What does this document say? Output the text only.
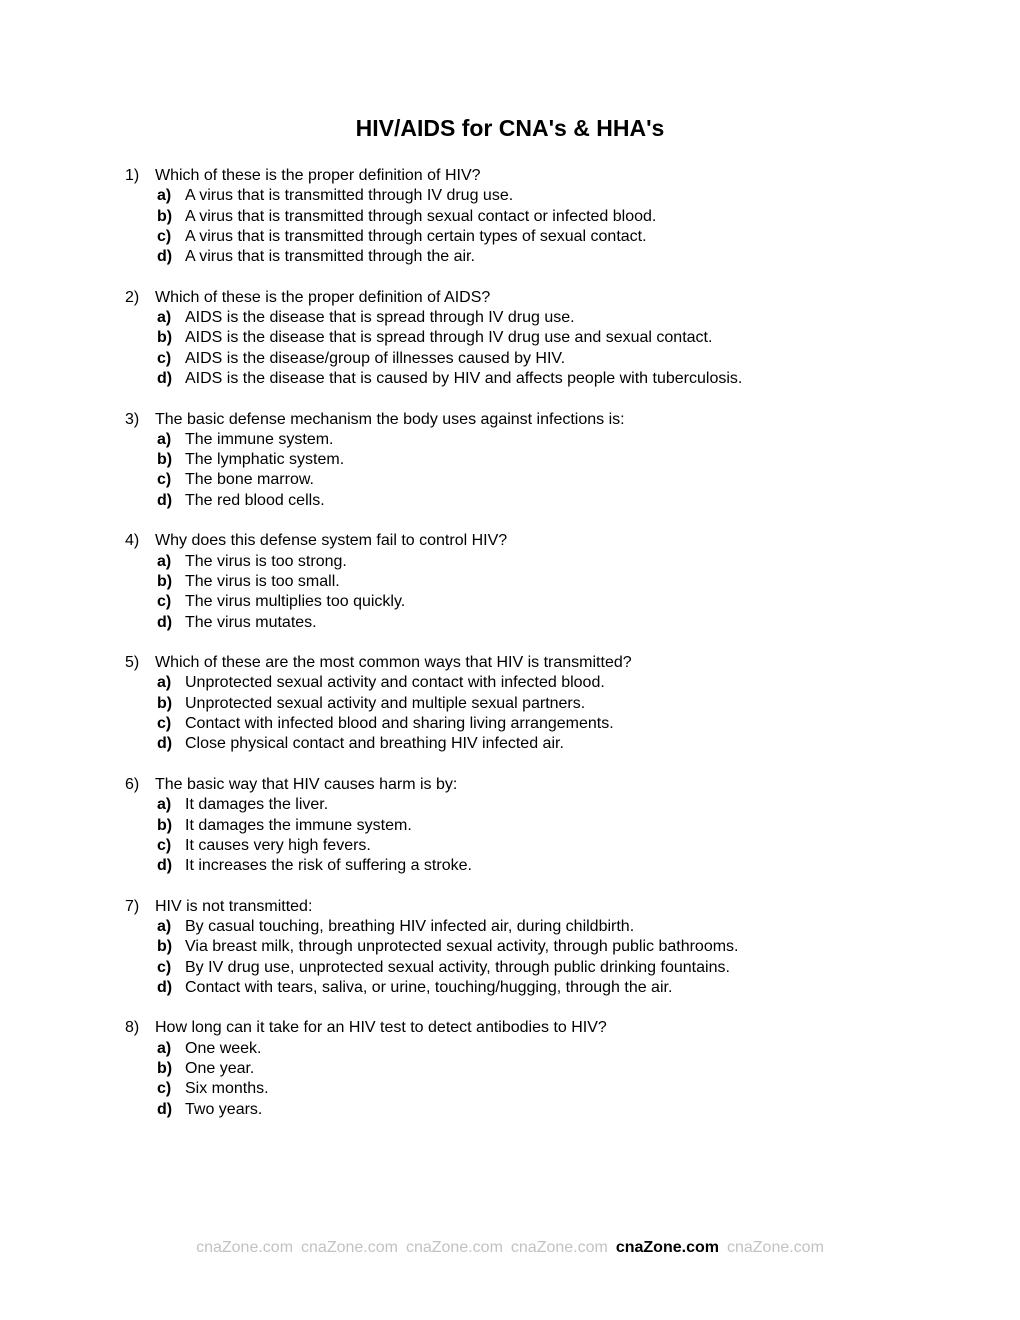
HIV/AIDS for CNA's & HHA's
1) Which of these is the proper definition of HIV?
a) A virus that is transmitted through IV drug use.
b) A virus that is transmitted through sexual contact or infected blood.
c) A virus that is transmitted through certain types of sexual contact.
d) A virus that is transmitted through the air.
2) Which of these is the proper definition of AIDS?
a) AIDS is the disease that is spread through IV drug use.
b) AIDS is the disease that is spread through IV drug use and sexual contact.
c) AIDS is the disease/group of illnesses caused by HIV.
d) AIDS is the disease that is caused by HIV and affects people with tuberculosis.
3) The basic defense mechanism the body uses against infections is:
a) The immune system.
b) The lymphatic system.
c) The bone marrow.
d) The red blood cells.
4) Why does this defense system fail to control HIV?
a) The virus is too strong.
b) The virus is too small.
c) The virus multiplies too quickly.
d) The virus mutates.
5) Which of these are the most common ways that HIV is transmitted?
a) Unprotected sexual activity and contact with infected blood.
b) Unprotected sexual activity and multiple sexual partners.
c) Contact with infected blood and sharing living arrangements.
d) Close physical contact and breathing HIV infected air.
6) The basic way that HIV causes harm is by:
a) It damages the liver.
b) It damages the immune system.
c) It causes very high fevers.
d) It increases the risk of suffering a stroke.
7) HIV is not transmitted:
a) By casual touching, breathing HIV infected air, during childbirth.
b) Via breast milk, through unprotected sexual activity, through public bathrooms.
c) By IV drug use, unprotected sexual activity, through public drinking fountains.
d) Contact with tears, saliva, or urine, touching/hugging, through the air.
8) How long can it take for an HIV test to detect antibodies to HIV?
a) One week.
b) One year.
c) Six months.
d) Two years.
cnaZone.com cnaZone.com cnaZone.com cnaZone.com cnaZone.com cnaZone.com
